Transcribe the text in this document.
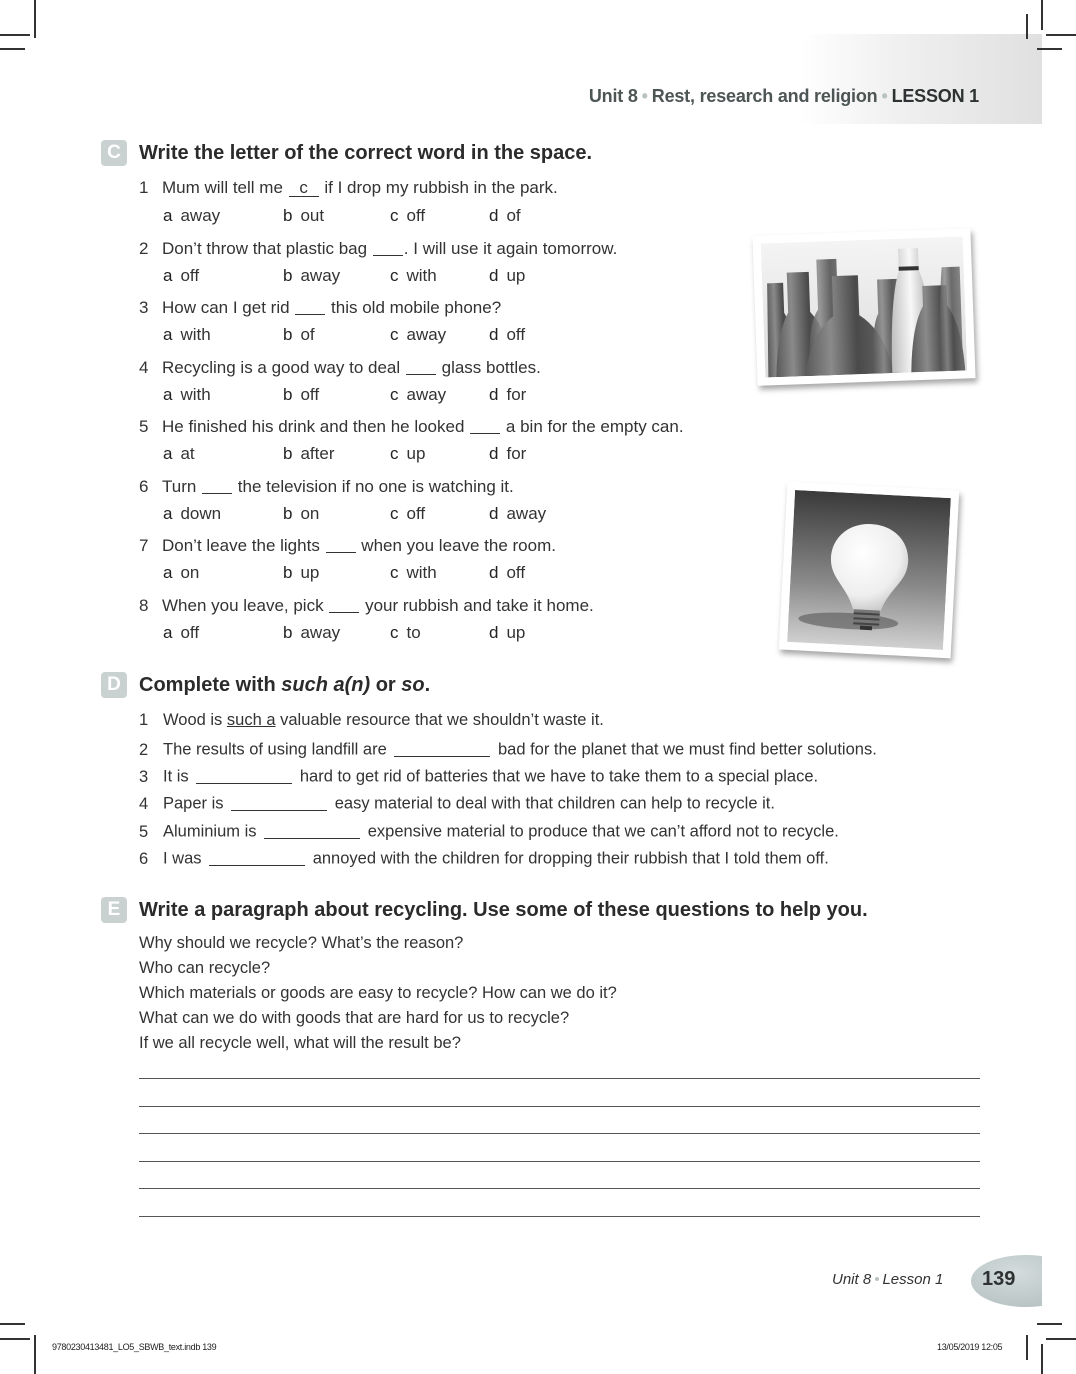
Unit 8 • Rest, research and religion • LESSON 1
C Write the letter of the correct word in the space.
1 Mum will tell me c if I drop my rubbish in the park.
a away	b out	c off	d of
2 Don’t throw that plastic bag . I will use it again tomorrow.
a off	b away	c with	d up
3 How can I get rid this old mobile phone?
a with	b of	c away	d off
4 Recycling is a good way to deal glass bottles.
a with	b off	c away	d for
5 He finished his drink and then he looked a bin for the empty can.
a at	b after	c up	d for
6 Turn the television if no one is watching it.
a down	b on	c off	d away
7 Don’t leave the lights when you leave the room.
a on	b up	c with	d off
8 When you leave, pick your rubbish and take it home.
a off	b away	c to	d up
D Complete with such a(n) or so.
1 Wood is such a valuable resource that we shouldn’t waste it.
2 The results of using landfill are	bad for the planet that we must find better solutions.
3 It is	hard to get rid of batteries that we have to take them to a special place.
4 Paper is	easy material to deal with that children can help to recycle it.
5 Aluminium is	expensive material to produce that we can’t afford not to recycle.
6 I was	annoyed with the children for dropping their rubbish that I told them off.
E Write a paragraph about recycling. Use some of these questions to help you.
Why should we recycle? What’s the reason?
Who can recycle?
Which materials or goods are easy to recycle? How can we do it?
What can we do with goods that are hard for us to recycle?
If we all recycle well, what will the result be?
Unit 8 • Lesson 1 139
9780230413481_LO5_SBWB_text.indb 139	13/05/2019 12:05
